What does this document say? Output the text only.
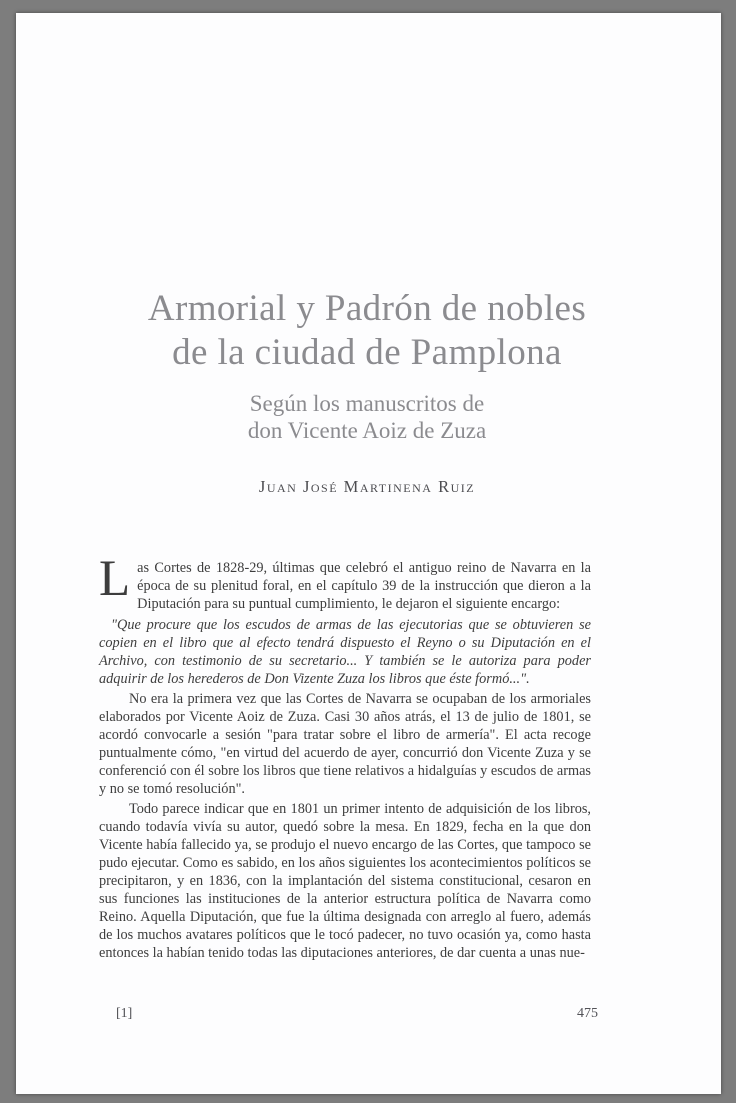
Armorial y Padrón de nobles
de la ciudad de Pamplona
Según los manuscritos de
don Vicente Aoiz de Zuza
Juan José Martinena Ruiz

Las Cortes de 1828-29, últimas que celebró el antiguo reino de Navarra en la época de su plenitud foral, en el capítulo 39 de la instrucción que dieron a la Diputación para su puntual cumplimiento, le dejaron el siguiente encargo:

"Que procure que los escudos de armas de las ejecutorias que se obtuvieren se copien en el libro que al efecto tendrá dispuesto el Reyno o su Diputación en el Archivo, con testimonio de su secretario... Y también se le autoriza para poder adquirir de los herederos de Don Vizente Zuza los libros que éste formó...".

No era la primera vez que las Cortes de Navarra se ocupaban de los armoriales elaborados por Vicente Aoiz de Zuza. Casi 30 años atrás, el 13 de julio de 1801, se acordó convocarle a sesión "para tratar sobre el libro de armería". El acta recoge puntualmente cómo, "en virtud del acuerdo de ayer, concurrió don Vicente Zuza y se conferenció con él sobre los libros que tiene relativos a hidalguías y escudos de armas y no se tomó resolución".

Todo parece indicar que en 1801 un primer intento de adquisición de los libros, cuando todavía vivía su autor, quedó sobre la mesa. En 1829, fecha en la que don Vicente había fallecido ya, se produjo el nuevo encargo de las Cortes, que tampoco se pudo ejecutar. Como es sabido, en los años siguientes los acontecimientos políticos se precipitaron, y en 1836, con la implantación del sistema constitucional, cesaron en sus funciones las instituciones de la anterior estructura política de Navarra como Reino. Aquella Diputación, que fue la última designada con arreglo al fuero, además de los muchos avatares políticos que le tocó padecer, no tuvo ocasión ya, como hasta entonces la habían tenido todas las diputaciones anteriores, de dar cuenta a unas nue-

[1]	475
